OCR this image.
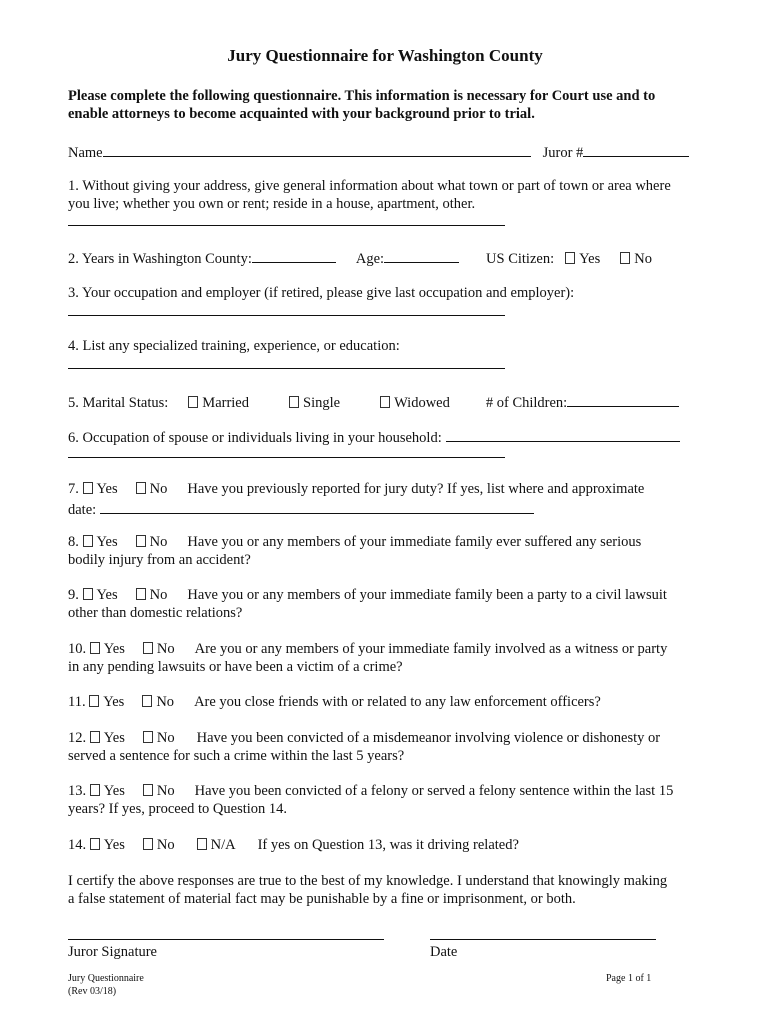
Jury Questionnaire for Washington County
Please complete the following questionnaire. This information is necessary for Court use and to
enable attorneys to become acquainted with your background prior to trial.
Name	Juror #
1. Without giving your address, give general information about what town or part of town or area where
you live; whether you own or rent; reside in a house, apartment, other.
2. Years in Washington County:	Age:	US Citizen: Yes No
3. Your occupation and employer (if retired, please give last occupation and employer):
4. List any specialized training, experience, or education:
5. Marital Status: Married	Single	Widowed # of Children:
6. Occupation of spouse or individuals living in your household:
7. Yes No Have you previously reported for jury duty? If yes, list where and approximate
date:
8. Yes No Have you or any members of your immediate family ever suffered any serious
bodily injury from an accident?
9. Yes No Have you or any members of your immediate family been a party to a civil lawsuit
other than domestic relations?
10. Yes No Are you or any members of your immediate family involved as a witness or party
in any pending lawsuits or have been a victim of a crime?
11. Yes No Are you close friends with or related to any law enforcement officers?
12. Yes No Have you been convicted of a misdemeanor involving violence or dishonesty or
served a sentence for such a crime within the last 5 years?
13. Yes No Have you been convicted of a felony or served a felony sentence within the last 15
years? If yes, proceed to Question 14.
14. Yes No N/A If yes on Question 13, was it driving related?
I certify the above responses are true to the best of my knowledge. I understand that knowingly making
a false statement of material fact may be punishable by a fine or imprisonment, or both.
Juror Signature	Date
Jury Questionnaire
(Rev 03/18)
Page 1 of 1
